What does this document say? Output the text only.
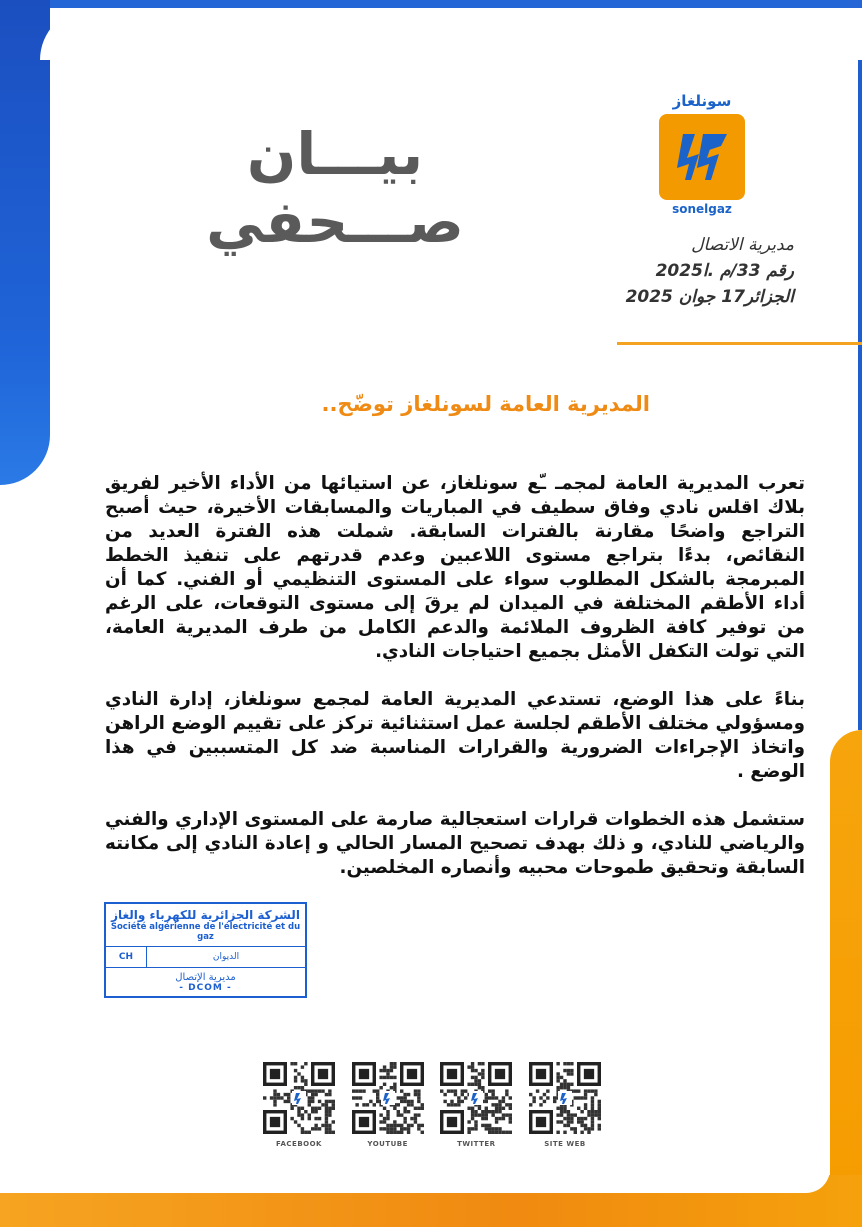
سونلغاز
sonelgaz
بيـــان صـــحفي	مديرية الاتصال
رقم 33/م .ا2025
الجزائر17 جوان 2025
المديرية العامة لسونلغاز توضّح..

تعرب المديرية العامة لمجمـ ـّع سونلغاز، عن استيائها من الأداء الأخير لفريق بلاك اقلس نادي وفاق سطيف في المباريات والمسابقات الأخيرة، حيث أصبح التراجع واضحًا مقارنة بالفترات السابقة. شملت هذه الفترة العديد من النقائص، بدءًا بتراجع مستوى اللاعبين وعدم قدرتهم على تنفيذ الخطط المبرمجة بالشكل المطلوب سواء على المستوى التنظيمي أو الفني. كما أن أداء الأطقم المختلفة في الميدان لم يرقَ إلى مستوى التوقعات، على الرغم من توفير كافة الظروف الملائمة والدعم الكامل من طرف المديرية العامة، التي تولت التكفل الأمثل بجميع احتياجات النادي.

بناءً على هذا الوضع، تستدعي المديرية العامة لمجمع سونلغاز، إدارة النادي ومسؤولي مختلف الأطقم لجلسة عمل استثنائية تركز على تقييم الوضع الراهن واتخاذ الإجراءات الضرورية والقرارات المناسبة ضد كل المتسببين في هذا الوضع .

ستشمل هذه الخطوات قرارات استعجالية صارمة على المستوى الإداري والفني والرياضي للنادي، و ذلك بهدف تصحيح المسار الحالي و إعادة النادي إلى مكانته السابقة وتحقيق طموحات محبيه وأنصاره المخلصين.

الشركة الجزائرية للكهرباء والغاز
Société algérienne de l'électricité et du gaz
CH	الديوان
مديرية الإتصال
- DCOM -
FACEBOOK	YOUTUBE	TWITTER	SITE WEB
